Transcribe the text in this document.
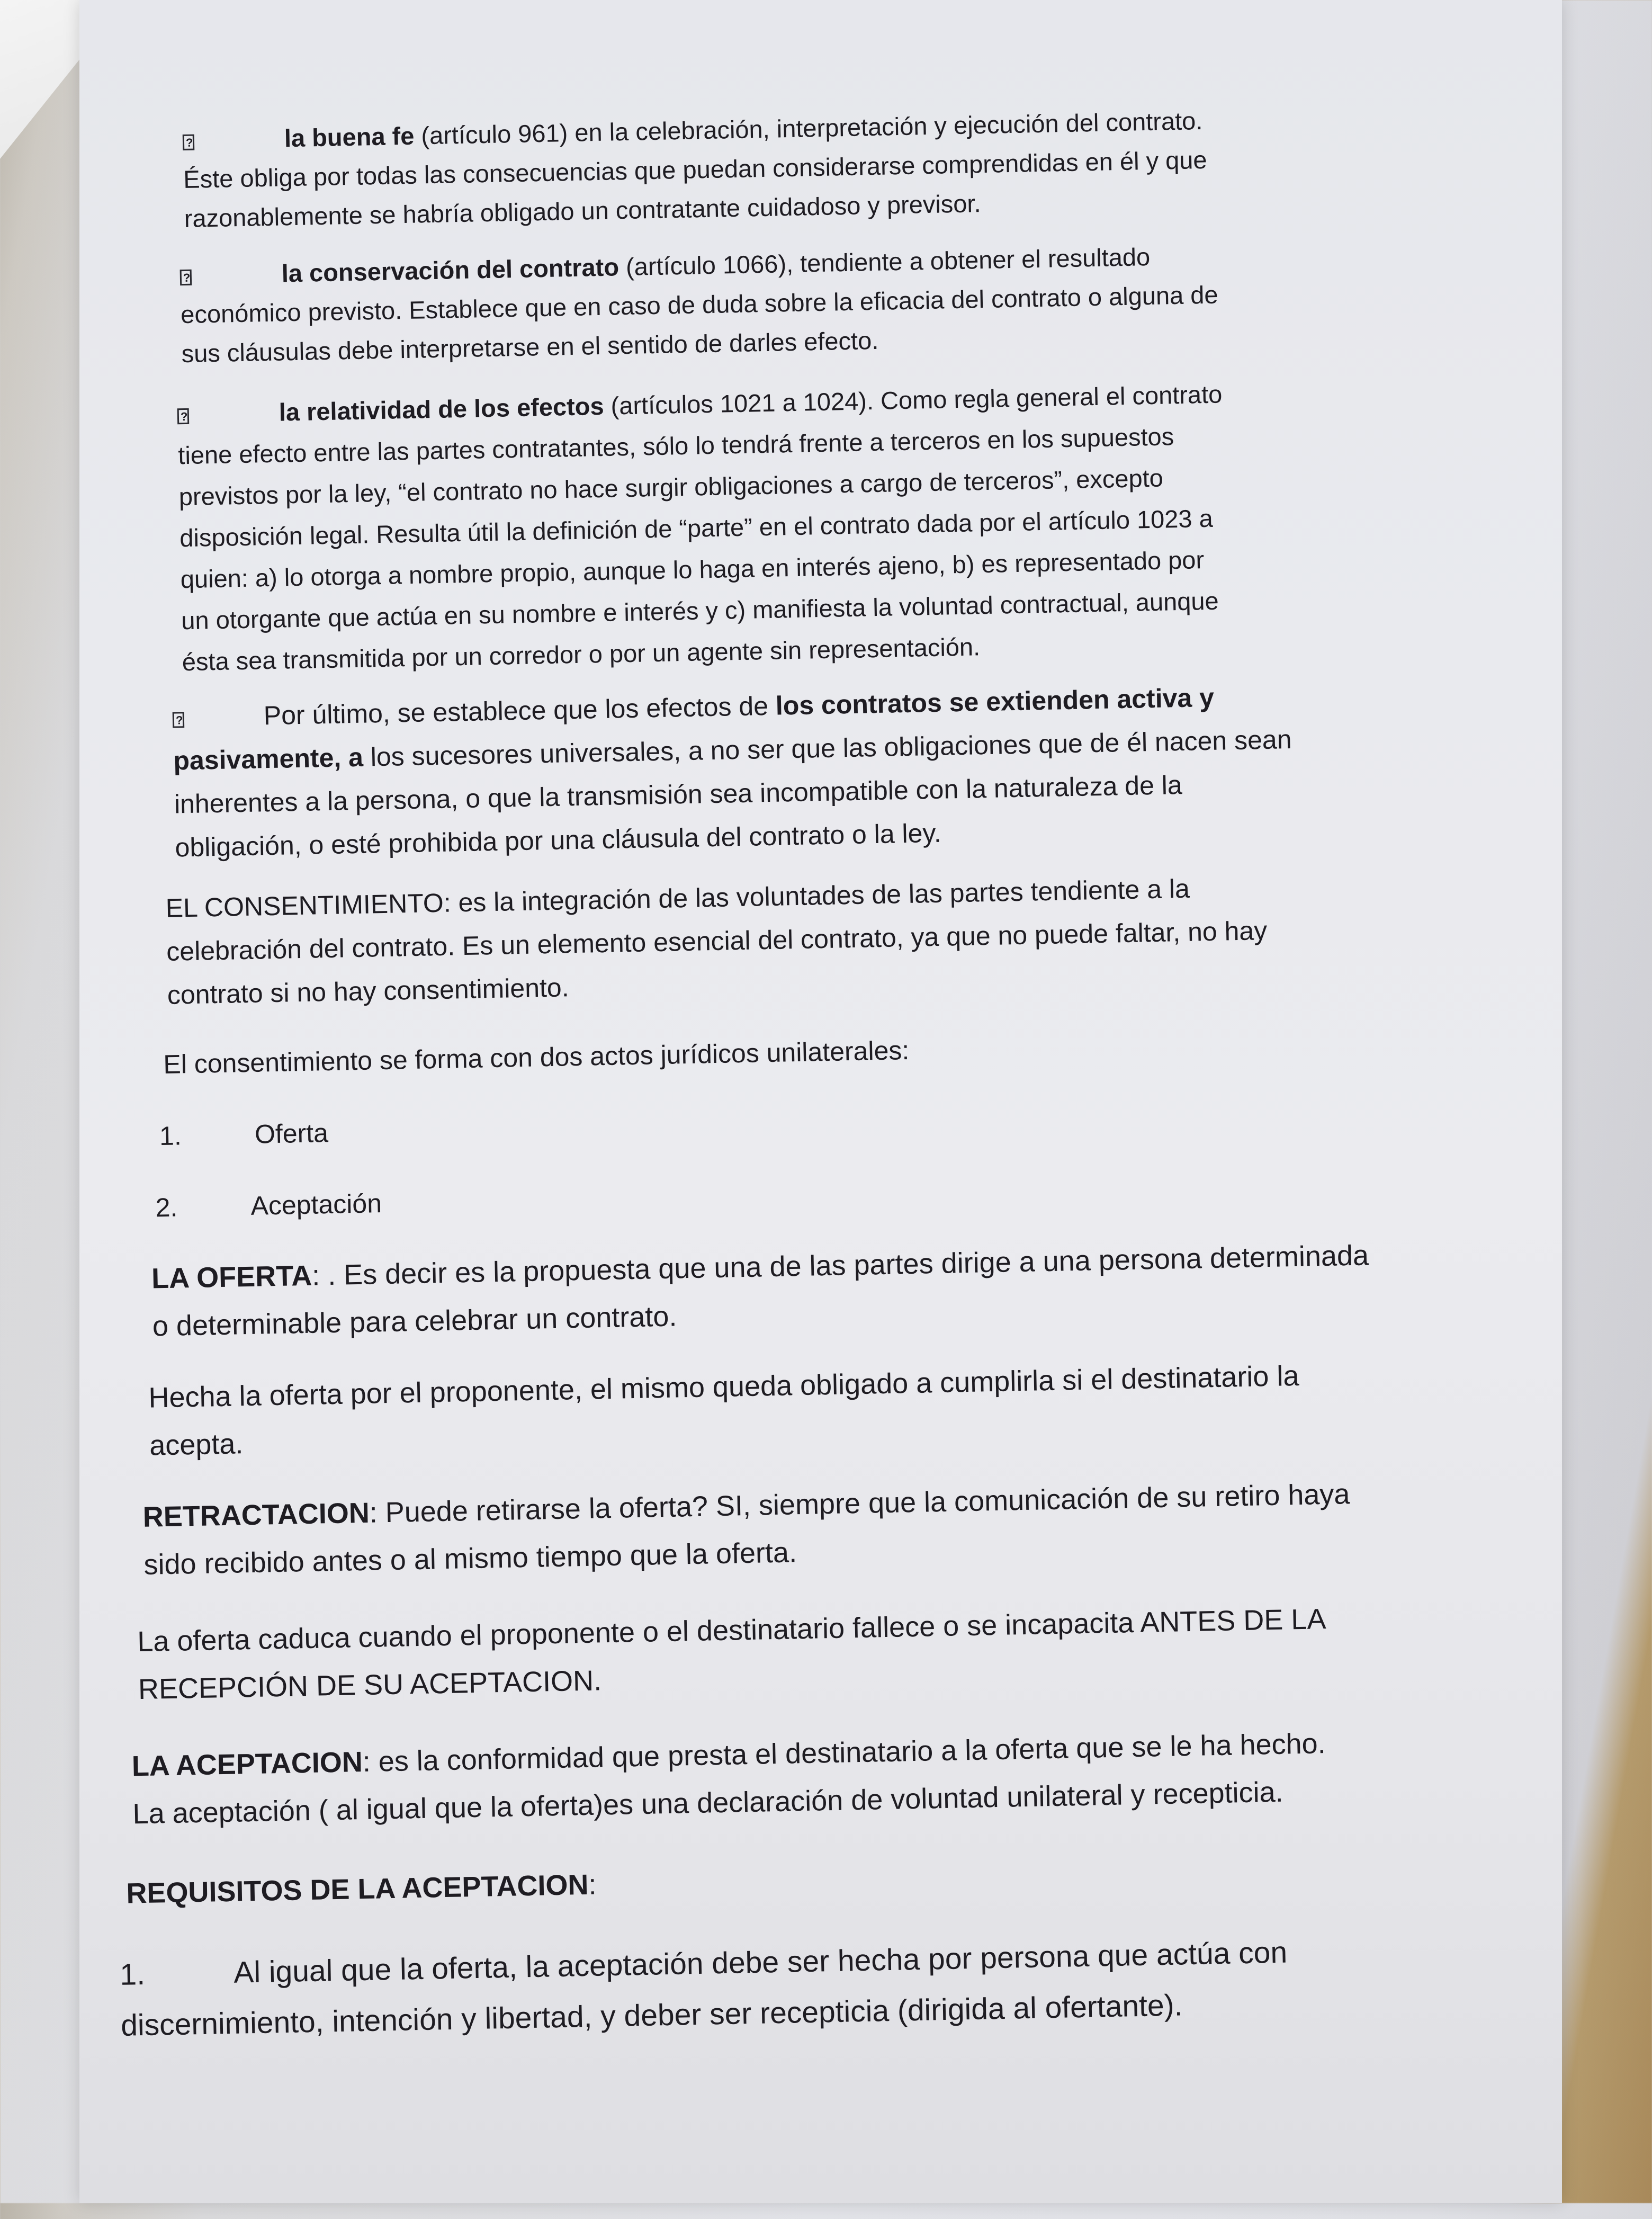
?la buena fe (artículo 961) en la celebración, interpretación y ejecución del contrato.
Éste obliga por todas las consecuencias que puedan considerarse comprendidas en él y que
razonablemente se habría obligado un contratante cuidadoso y previsor.
?la conservación del contrato (artículo 1066), tendiente a obtener el resultado
económico previsto. Establece que en caso de duda sobre la eficacia del contrato o alguna de
sus cláusulas debe interpretarse en el sentido de darles efecto.
?la relatividad de los efectos (artículos 1021 a 1024). Como regla general el contrato
tiene efecto entre las partes contratantes, sólo lo tendrá frente a terceros en los supuestos
previstos por la ley, “el contrato no hace surgir obligaciones a cargo de terceros”, excepto
disposición legal. Resulta útil la definición de “parte” en el contrato dada por el artículo 1023 a
quien: a) lo otorga a nombre propio, aunque lo haga en interés ajeno, b) es representado por
un otorgante que actúa en su nombre e interés y c) manifiesta la voluntad contractual, aunque
ésta sea transmitida por un corredor o por un agente sin representación.
?Por último, se establece que los efectos de los contratos se extienden activa y
pasivamente, a los sucesores universales, a no ser que las obligaciones que de él nacen sean
inherentes a la persona, o que la transmisión sea incompatible con la naturaleza de la
obligación, o esté prohibida por una cláusula del contrato o la ley.
EL CONSENTIMIENTO: es la integración de las voluntades de las partes tendiente a la
celebración del contrato. Es un elemento esencial del contrato, ya que no puede faltar, no hay
contrato si no hay consentimiento.
El consentimiento se forma con dos actos jurídicos unilaterales:
1.	Oferta
2.	Aceptación
LA OFERTA: . Es decir es la propuesta que una de las partes dirige a una persona determinada
o determinable para celebrar un contrato.
Hecha la oferta por el proponente, el mismo queda obligado a cumplirla si el destinatario la
acepta.
RETRACTACION: Puede retirarse la oferta? SI, siempre que la comunicación de su retiro haya
sido recibido antes o al mismo tiempo que la oferta.
La oferta caduca cuando el proponente o el destinatario fallece o se incapacita ANTES DE LA
RECEPCIÓN DE SU ACEPTACION.
LA ACEPTACION: es la conformidad que presta el destinatario a la oferta que se le ha hecho.
La aceptación ( al igual que la oferta)es una declaración de voluntad unilateral y recepticia.
REQUISITOS DE LA ACEPTACION:
1.	Al igual que la oferta, la aceptación debe ser hecha por persona que actúa con
discernimiento, intención y libertad, y deber ser recepticia (dirigida al ofertante).
